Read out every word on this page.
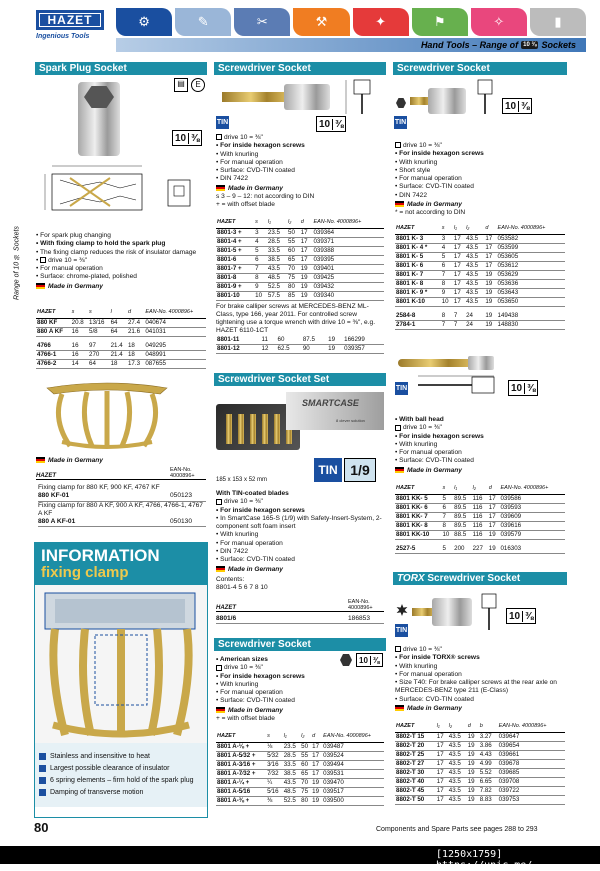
HAZET
Ingenious Tools
⚙	✎	✂	⚒	✦	⚑	✧	▮
Hand Tools – Range of 10 ⅜ Sockets
Range of 10 ⅜ Sockets
Spark Plug Socket
▤	E
10 ⅜
• For spark plug changing
• With fixing clamp to hold the spark plug
• The fixing clamp reduces the risk of insulator damage
• drive 10 = ⅜"
• For manual operation
• Surface: chrome-plated, polished
Made in Germany
HAZET	s	s	l	d	EAN-No. 4000896+
880 KF	20.8	13/16	64	27.4	040674
880 A KF	16	5/8	64	21.6	041031

4766	16	97	21.4	18	049295
4766-1	16	270	21.4	18	048991
4766-2	14	64	18	17.3	087655
Made in Germany
HAZET
EAN-No. 4000896+
Fixing clamp for 880 KF, 900 KF, 4767 KF
880 KF-01	050123
Fixing clamp for 880 A KF, 900 A KF, 4766, 4766-1, 4767 A KF
880 A KF-01	050130
INFORMATION
fixing clamp
Stainless and insensitive to heat
Largest possible clearance of insulator
6 spring elements – firm hold of the spark plug
Damping of transverse motion
Screwdriver Socket
10 ⅜
TIN
drive 10 = ⅜"
• For inside hexagon screws
• With knurling
• For manual operation
• Surface: CVD-TIN coated
• DIN 7422
Made in Germany
s 3 – 9 – 12: not according to DIN
+ = with offset blade
HAZET	s	l₁	l₂	d	EAN-No. 4000896+
8801-3 +	3	23.5	50	17	039364
8801-4 +	4	28.5	55	17	039371
8801-5 +	5	33.5	60	17	039388
8801-6	6	38.5	65	17	039395
8801-7 +	7	43.5	70	19	039401
8801-8	8	48.5	75	19	039425
8801-9 +	9	52.5	80	19	039432
8801-10	10	57.5	85	19	039340
For brake calliper screws at MERCEDES-BENZ ML-Class, type 166, year 2011. For controlled screw tightening use a torque wrench with drive 10 = ⅜", e.g. HAZET 6110-1CT
8801-11	11	60	87.5	19	166299
8801-12	12	62.5	90	19	039357
Screwdriver Socket Set
SMARTCASE
8 clever solution
TIN 1/9
185 x 153 x 52 mm
With TIN-coated blades
drive 10 = ⅜"
• For inside hexagon screws
• In SmartCase 165-S (1/9) with Safety-Insert-System, 2-component soft foam insert
• With knurling
• For manual operation
• DIN 7422
• Surface: CVD-TIN coated
Made in Germany
Contents:
8801-4 5 6 7 8 10
HAZET
EAN-No. 4000896+
8801/6	186853
Screwdriver Socket
10 ⅜
• American sizes
drive 10 = ⅜"
• For inside hexagon screws
• With knurling
• For manual operation
• Surface: CVD-TIN coated
Made in Germany
+ = with offset blade
HAZET	s	l₁	l₂	d	EAN-No. 4000896+
8801 A-⅛ +	⅛	23.5	50	17	039487
8801 A-5⁄32 +	5⁄32	28.5	55	17	039524
8801 A-3⁄16 +	3⁄16	33.5	60	17	039494
8801 A-7⁄32 +	7⁄32	38.5	65	17	039531
8801 A-¼ +	¼	43.5	70	19	039470
8801 A-5⁄16	5⁄16	48.5	75	19	039517
8801 A-⅜ +	⅜	52.5	80	19	039500
Screwdriver Socket
10 ⅜
TIN
drive 10 = ⅜"
• For inside hexagon screws
• With knurling
• Short style
• For manual operation
• Surface: CVD-TIN coated
• DIN 7422
Made in Germany
* = not according to DIN
HAZET	s	l₁	l₂	d	EAN-No. 4000896+
8801 K- 3	3	17	43.5	17	053582
8801 K- 4 *	4	17	43.5	17	053599
8801 K- 5	5	17	43.5	17	053605
8801 K- 6	6	17	43.5	17	053612
8801 K- 7	7	17	43.5	19	053629
8801 K- 8	8	17	43.5	19	053636
8801 K- 9 *	9	17	43.5	19	053643
8801 K-10	10	17	43.5	19	053650

2584-8	8	7	24	19	149438
2784-1	7	7	24	19	148830
TIN	10 ⅜
• With ball head
drive 10 = ⅜"
• For inside hexagon screws
• With knurling
• For manual operation
• Surface: CVD-TIN coated
Made in Germany
HAZET	s	l₁	l₂	d	EAN-No. 4000896+
8801 KK- 5	5	89.5	116	17	039586
8801 KK- 6	6	89.5	116	17	039593
8801 KK- 7	7	89.5	116	17	039609
8801 KK- 8	8	89.5	116	17	039616
8801 KK-10	10	88.5	116	19	039579

2527-5	5	200	227	19	016303
TORX Screwdriver Socket
TIN
10 ⅜
drive 10 = ⅜"
• For inside TORX® screws
• With knurling
• For manual operation
• Size T40: For brake calliper screws at the rear axle on MERCEDES-BENZ type 211 (E-Class)
• Surface: CVD-TIN coated
Made in Germany
HAZET	l₁	l₂	d	b	EAN-No. 4000896+
8802-T 15	17	43.5	19	3.27	039647
8802-T 20	17	43.5	19	3.86	039654
8802-T 25	17	43.5	19	4.43	039661
8802-T 27	17	43.5	19	4.99	039678
8802-T 30	17	43.5	19	5.52	039685
8802-T 40	17	43.5	19	6.65	039708
8802-T 45	17	43.5	19	7.82	039722
8802-T 50	17	43.5	19	8.83	039753
80	Components and Spare Parts see pages 288 to 293
[1250x1759] https://upic.me/
